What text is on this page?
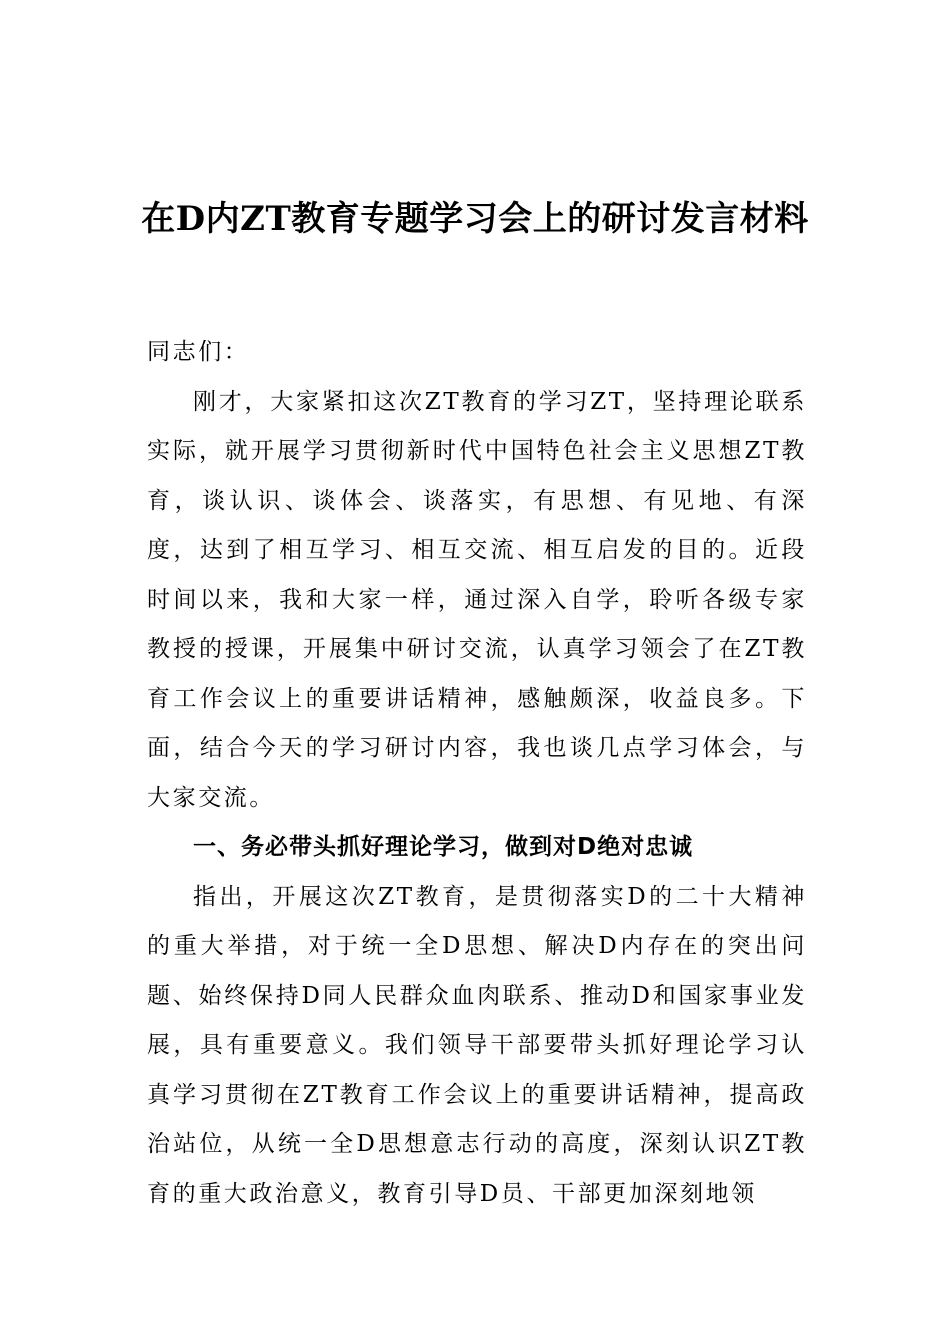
在D内ZT教育专题学习会上的研讨发言材料

同志们：

刚才，大家紧扣这次ZT教育的学习ZT，坚持理论联系实际，就开展学习贯彻新时代中国特色社会主义思想ZT教育，谈认识、谈体会、谈落实，有思想、有见地、有深度，达到了相互学习、相互交流、相互启发的目的。近段时间以来，我和大家一样，通过深入自学，聆听各级专家教授的授课，开展集中研讨交流，认真学习领会了在ZT教育工作会议上的重要讲话精神，感触颇深，收益良多。下面，结合今天的学习研讨内容，我也谈几点学习体会，与大家交流。

一、务必带头抓好理论学习，做到对D绝对忠诚

指出，开展这次ZT教育，是贯彻落实D的二十大精神的重大举措，对于统一全D思想、解决D内存在的突出问题、始终保持D同人民群众血肉联系、推动D和国家事业发展，具有重要意义。我们领导干部要带头抓好理论学习认真学习贯彻在ZT教育工作会议上的重要讲话精神，提高政治站位，从统一全D思想意志行动的高度，深刻认识ZT教育的重大政治意义，教育引导D员、干部更加深刻地领
